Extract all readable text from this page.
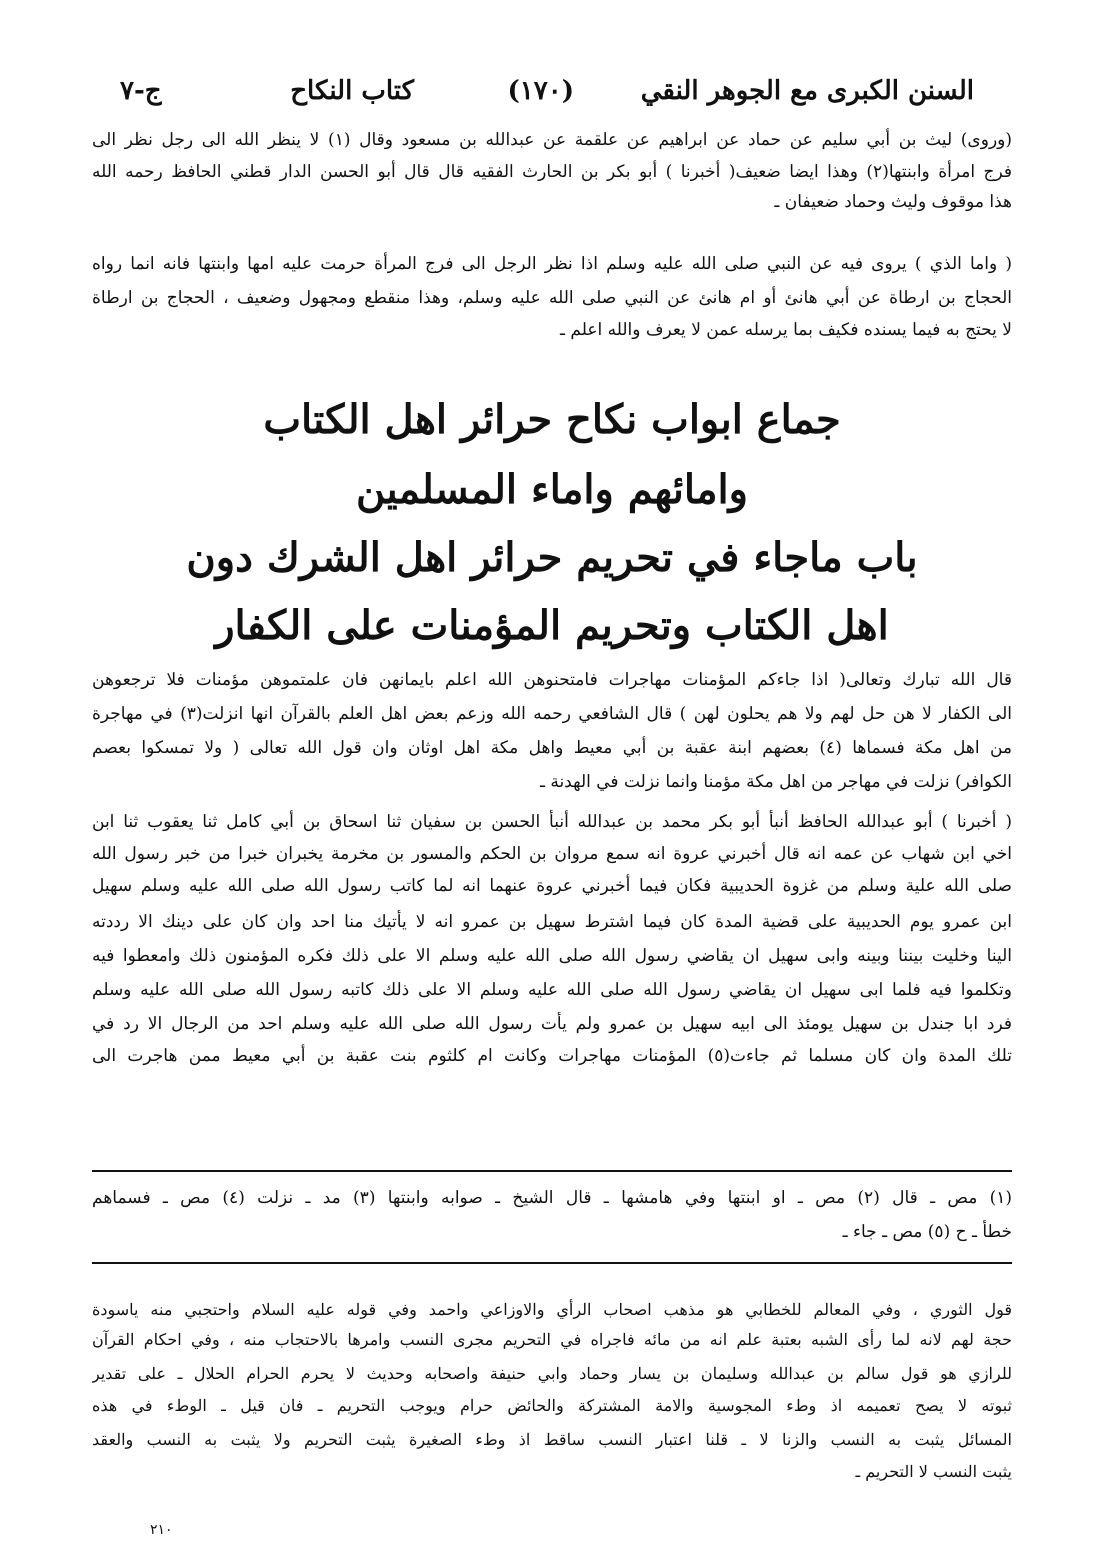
السنن الكبرى مع الجوهر النقي
(١٧٠)
كتاب النكاح
ج-٧
(وروى) ليث بن أبي سليم عن حماد عن ابراهيم عن علقمة عن عبدالله بن مسعود وقال (١) لا ينظر الله الى رجل نظر الى
فرج امرأة وابنتها(٢) وهذا ايضا ضعيف( أخبرنا ) أبو بكر بن الحارث الفقيه قال قال أبو الحسن الدار قطني الحافظ رحمه الله
هذا موقوف وليث وحماد ضعيفان ـ
( واما الذي ) يروى فيه عن النبي صلى الله عليه وسلم اذا نظر الرجل الى فرج المرأة حرمت عليه امها وابنتها فانه انما رواه
الحجاج بن ارطاة عن أبي هانئ أو ام هانئ عن النبي صلى الله عليه وسلم، وهذا منقطع ومجهول وضعيف ، الحجاج بن ارطاة
لا يحتج به فيما يسنده فكيف بما يرسله عمن لا يعرف والله اعلم ـ
جماع ابواب نكاح حرائر اهل الكتاب
وامائهم واماء المسلمين
باب ماجاء في تحريم حرائر اهل الشرك دون
اهل الكتاب وتحريم المؤمنات على الكفار
قال الله تبارك وتعالى( اذا جاءكم المؤمنات مهاجرات فامتحنوهن الله اعلم بايمانهن فان علمتموهن مؤمنات فلا ترجعوهن
الى الكفار لا هن حل لهم ولا هم يحلون لهن ) قال الشافعي رحمه الله وزعم بعض اهل العلم بالقرآن انها انزلت(٣) في مهاجرة
من اهل مكة فسماها (٤) بعضهم ابنة عقبة بن أبي معيط واهل مكة اهل اوثان وان قول الله تعالى ( ولا تمسكوا بعصم
الكوافر) نزلت في مهاجر من اهل مكة مؤمنا وانما نزلت في الهدنة ـ
( أخبرنا ) أبو عبدالله الحافظ أنبأ أبو بكر محمد بن عبدالله أنبأ الحسن بن سفيان ثنا اسحاق بن أبي كامل ثنا يعقوب ثنا ابن
اخي ابن شهاب عن عمه انه قال أخبرني عروة انه سمع مروان بن الحكم والمسور بن مخرمة يخبران خبرا من خبر رسول الله
صلى الله علية وسلم من غزوة الحديبية فكان فيما أخبرني عروة عنهما انه لما كاتب رسول الله صلى الله عليه وسلم سهيل
ابن عمرو يوم الحديبية على قضية المدة كان فيما اشترط سهيل بن عمرو انه لا يأتيك منا احد وان كان على دينك الا رددته
الينا وخليت بيننا وبينه وابى سهيل ان يقاضي رسول الله صلى الله عليه وسلم الا على ذلك فكره المؤمنون ذلك وامعطوا فيه
وتكلموا فيه فلما ابى سهيل ان يقاضي رسول الله صلى الله عليه وسلم الا على ذلك كاتبه رسول الله صلى الله عليه وسلم
فرد ابا جندل بن سهيل يومئذ الى ابيه سهيل بن عمرو ولم يأت رسول الله صلى الله عليه وسلم احد من الرجال الا رد في
تلك المدة وان كان مسلما ثم جاءت(٥) المؤمنات مهاجرات وكانت ام كلثوم بنت عقبة بن أبي معيط ممن هاجرت الى
(١) مص ـ قال (٢) مص ـ او ابنتها وفي هامشها ـ قال الشيخ ـ صوابه وابنتها (٣) مد ـ نزلت (٤) مص ـ فسماهم
خطأ ـ ح (٥) مص ـ جاء ـ
قول الثوري ، وفي المعالم للخطابي هو مذهب اصحاب الرأي والاوزاعي واحمد وفي قوله عليه السلام واحتجبي منه ياسودة
حجة لهم لانه لما رأى الشبه بعتبة علم انه من مائه فاجراه في التحريم مجرى النسب وامرها بالاحتجاب منه ، وفي احكام القرآن
للرازي هو قول سالم بن عبدالله وسليمان بن يسار وحماد وابي حنيفة واصحابه وحديث لا يحرم الحرام الحلال ـ على تقدير
ثبوته لا يصح تعميمه اذ وطء المجوسية والامة المشتركة والحائض حرام ويوجب التحريم ـ فان قيل ـ الوطء في هذه
المسائل يثبت به النسب والزنا لا ـ قلنا اعتبار النسب ساقط اذ وطء الصغيرة يثبت التحريم ولا يثبت به النسب والعقد
يثبت النسب لا التحريم ـ
٢١٠
